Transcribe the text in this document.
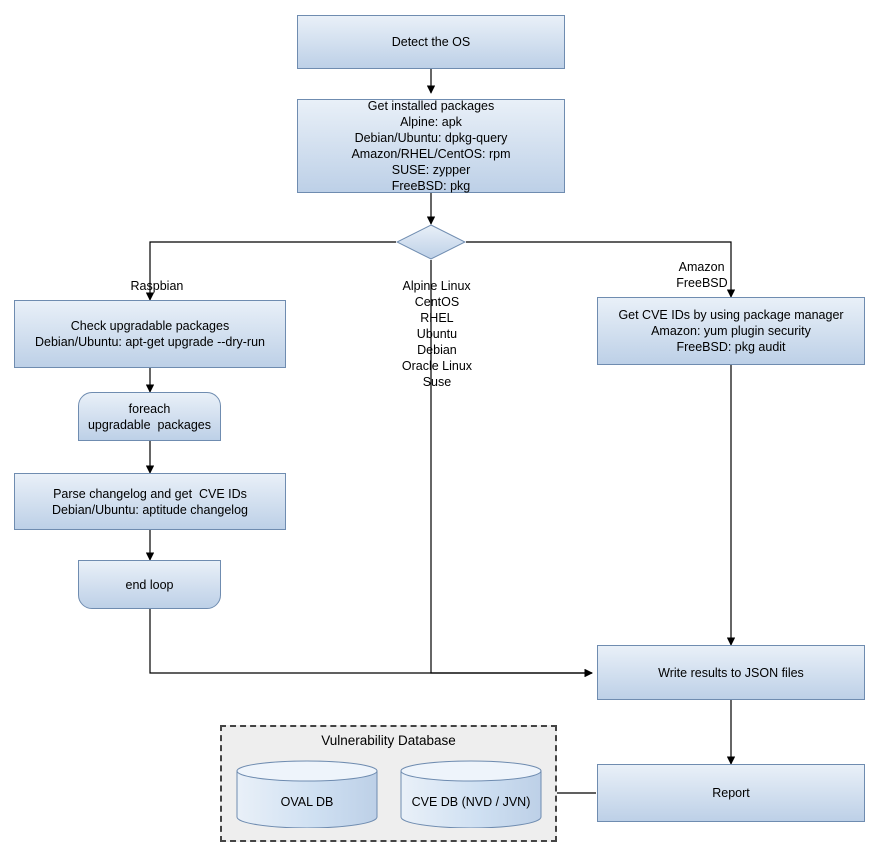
Detect the OS
Get installed packages
Alpine: apk
Debian/Ubuntu: dpkg-query
Amazon/RHEL/CentOS: rpm
SUSE: zypper
FreeBSD: pkg
Check upgradable packages
Debian/Ubuntu: apt-get upgrade --dry-run
foreach
upgradable  packages
Parse changelog and get  CVE IDs
Debian/Ubuntu: aptitude changelog
end loop
Get CVE IDs by using package manager
Amazon: yum plugin security
FreeBSD: pkg audit
Write results to JSON files
Report

Raspbian
	Alpine Linux
CentOS
RHEL
Ubuntu
Debian
Oracle Linux
Suse

Amazon
FreeBSD

Vulnerability Database
OVAL DB	CVE DB (NVD / JVN)
